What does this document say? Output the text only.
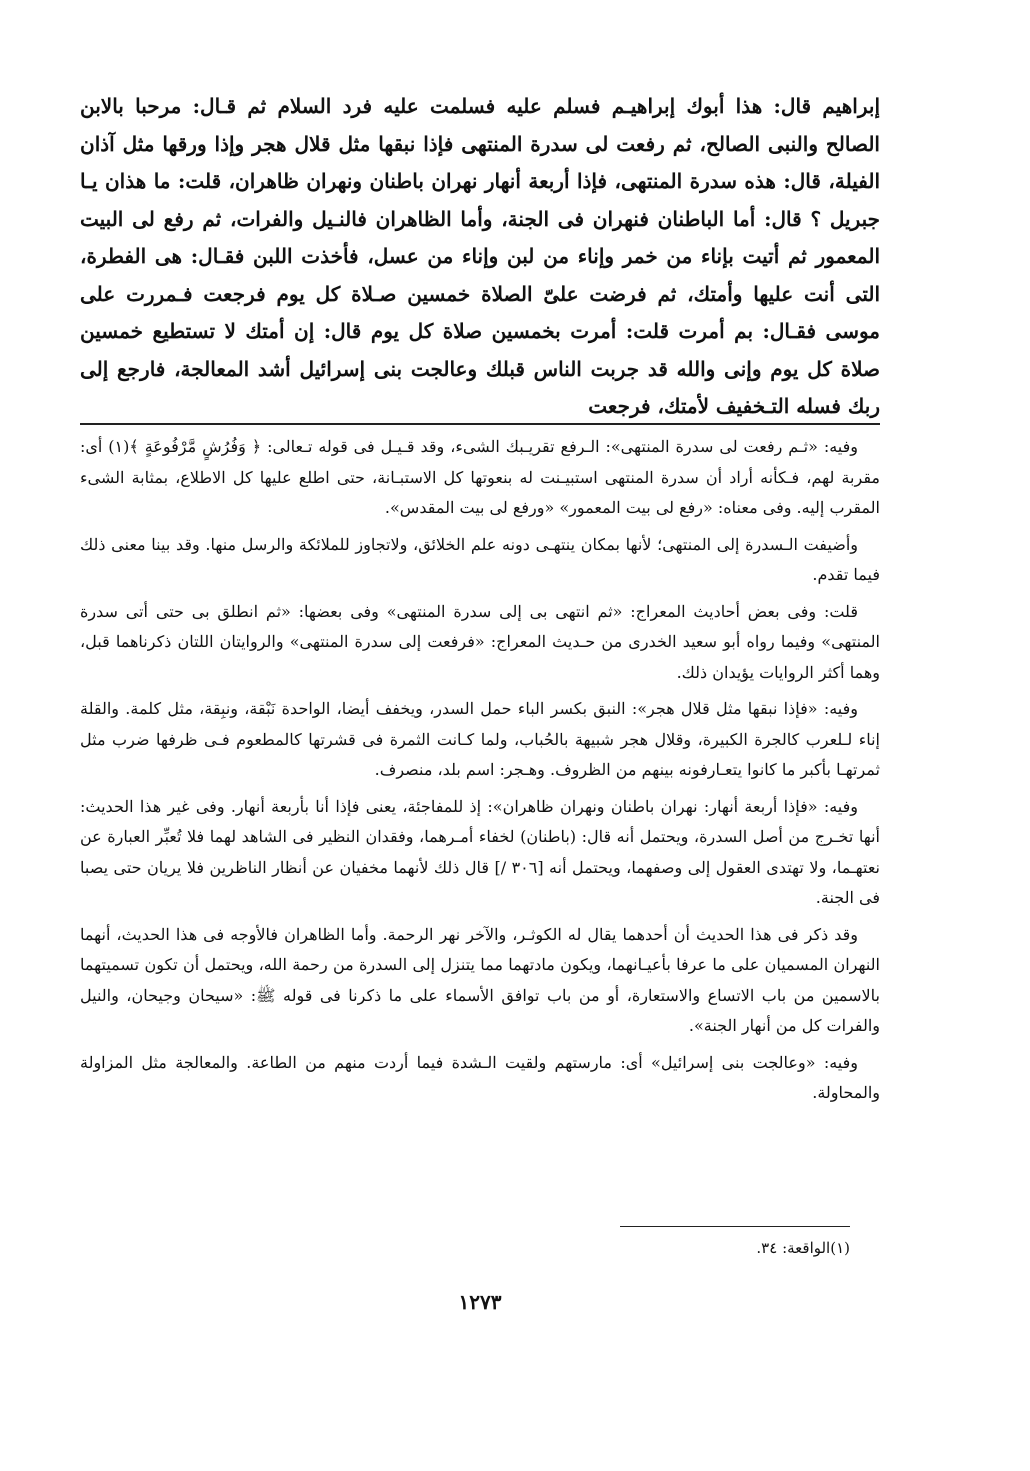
إبراهيم قال: هذا أبوك إبراهيـم فسلم عليه فسلمت عليه فرد السلام ثم قـال: مرحبا بالابن الصالح والنبى الصالح، ثم رفعت لى سدرة المنتهى فإذا نبقها مثل قلال هجر وإذا ورقها مثل آذان الفيلة، قال: هذه سدرة المنتهى، فإذا أربعة أنهار نهران باطنان ونهران ظاهران، قلت: ما هذان يـا جبريل ؟ قال: أما الباطنان فنهران فى الجنة، وأما الظاهران فالنـيل والفرات، ثم رفع لى البيت المعمور ثم أتيت بإناء من خمر وإناء من لبن وإناء من عسل، فأخذت اللبن فقـال: هى الفطرة، التى أنت عليها وأمتك، ثم فرضت علىّ الصلاة خمسين صـلاة كل يوم فرجعت فـمررت على موسى فقـال: بم أمرت قلت: أمرت بخمسين صلاة كل يوم قال: إن أمتك لا تستطيع خمسين صلاة كل يوم وإنى والله قد جربت الناس قبلك وعالجت بنى إسرائيل أشد المعالجة، فارجع إلى ربك فسله التـخفيف لأمتك، فرجعت

وفيه: «ثـم رفعت لى سدرة المنتهى»: الـرفع تقريـبك الشىء، وقد قـيـل فى قوله تـعالى: ﴿ وَفُرُشٍ مَّرْفُوعَةٍ ﴾(١) أى: مقربة لهم، فـكأنه أراد أن سدرة المنتهى استبيـنت له بنعوتها كل الاستبـانة، حتى اطلع عليها كل الاطلاع، بمثابة الشىء المقرب إليه. وفى معناه: «رفع لى بيت المعمور» «ورفع لى بيت المقدس».

وأضيفت الـسدرة إلى المنتهى؛ لأنها بمكان ينتهـى دونه علم الخلائق، ولاتجاوز للملائكة والرسل منها. وقد بينا معنى ذلك فيما تقدم.

قلت: وفى بعض أحاديث المعراج: «ثم انتهى بى إلى سدرة المنتهى» وفى بعضها: «ثم انطلق بى حتى أتى سدرة المنتهى» وفيما رواه أبو سعيد الخدرى من حـديث المعراج: «فرفعت إلى سدرة المنتهى» والروايتان اللتان ذكرناهما قبل، وهما أكثر الروايات يؤيدان ذلك.

وفيه: «فإذا نبقها مثل قلال هجر»: النبق بكسر الباء حمل السدر، ويخفف أيضا، الواحدة نَبْقة، ونبِقة، مثل كلمة. والقلة إناء لـلعرب كالجرة الكبيرة، وقلال هجر شبيهة بالحُباب، ولما كـانت الثمرة فى قشرتها كالمطعوم فـى ظرفها ضرب مثل ثمرتهـا بأكبر ما كانوا يتعـارفونه بينهم من الظروف. وهـجر: اسم بلد، منصرف.

وفيه: «فإذا أربعة أنهار: نهران باطنان ونهران ظاهران»: إذ للمفاجئة، يعنى فإذا أنا بأربعة أنهار. وفى غير هذا الحديث: أنها تخـرج من أصل السدرة، ويحتمل أنه قال: (باطنان) لخفاء أمـرهما، وفقدان النظير فى الشاهد لهما فلا تُعبِّر العبارة عن نعتهـما، ولا تهتدى العقول إلى وصفهما، ويحتمل أنه [٣٠٦ /] قال ذلك لأنهما مخفيان عن أنظار الناظرين فلا يريان حتى يصبا فى الجنة.

وقد ذكر فى هذا الحديث أن أحدهما يقال له الكوثـر، والآخر نهر الرحمة. وأما الظاهران فالأوجه فى هذا الحديث، أنهما النهران المسميان على ما عرفا بأعيـانهما، ويكون مادتهما مما يتنزل إلى السدرة من رحمة الله، ويحتمل أن تكون تسميتهما بالاسمين من باب الاتساع والاستعارة، أو من باب توافق الأسماء على ما ذكرنا فى قوله ﷺ: «سيحان وجيحان، والنيل والفرات كل من أنهار الجنة».

وفيه: «وعالجت بنى إسرائيل» أى: مارستهم ولقيت الـشدة فيما أردت منهم من الطاعة. والمعالجة مثل المزاولة والمحاولة.

(١)الواقعة: ٣٤.
١٢٧٣
